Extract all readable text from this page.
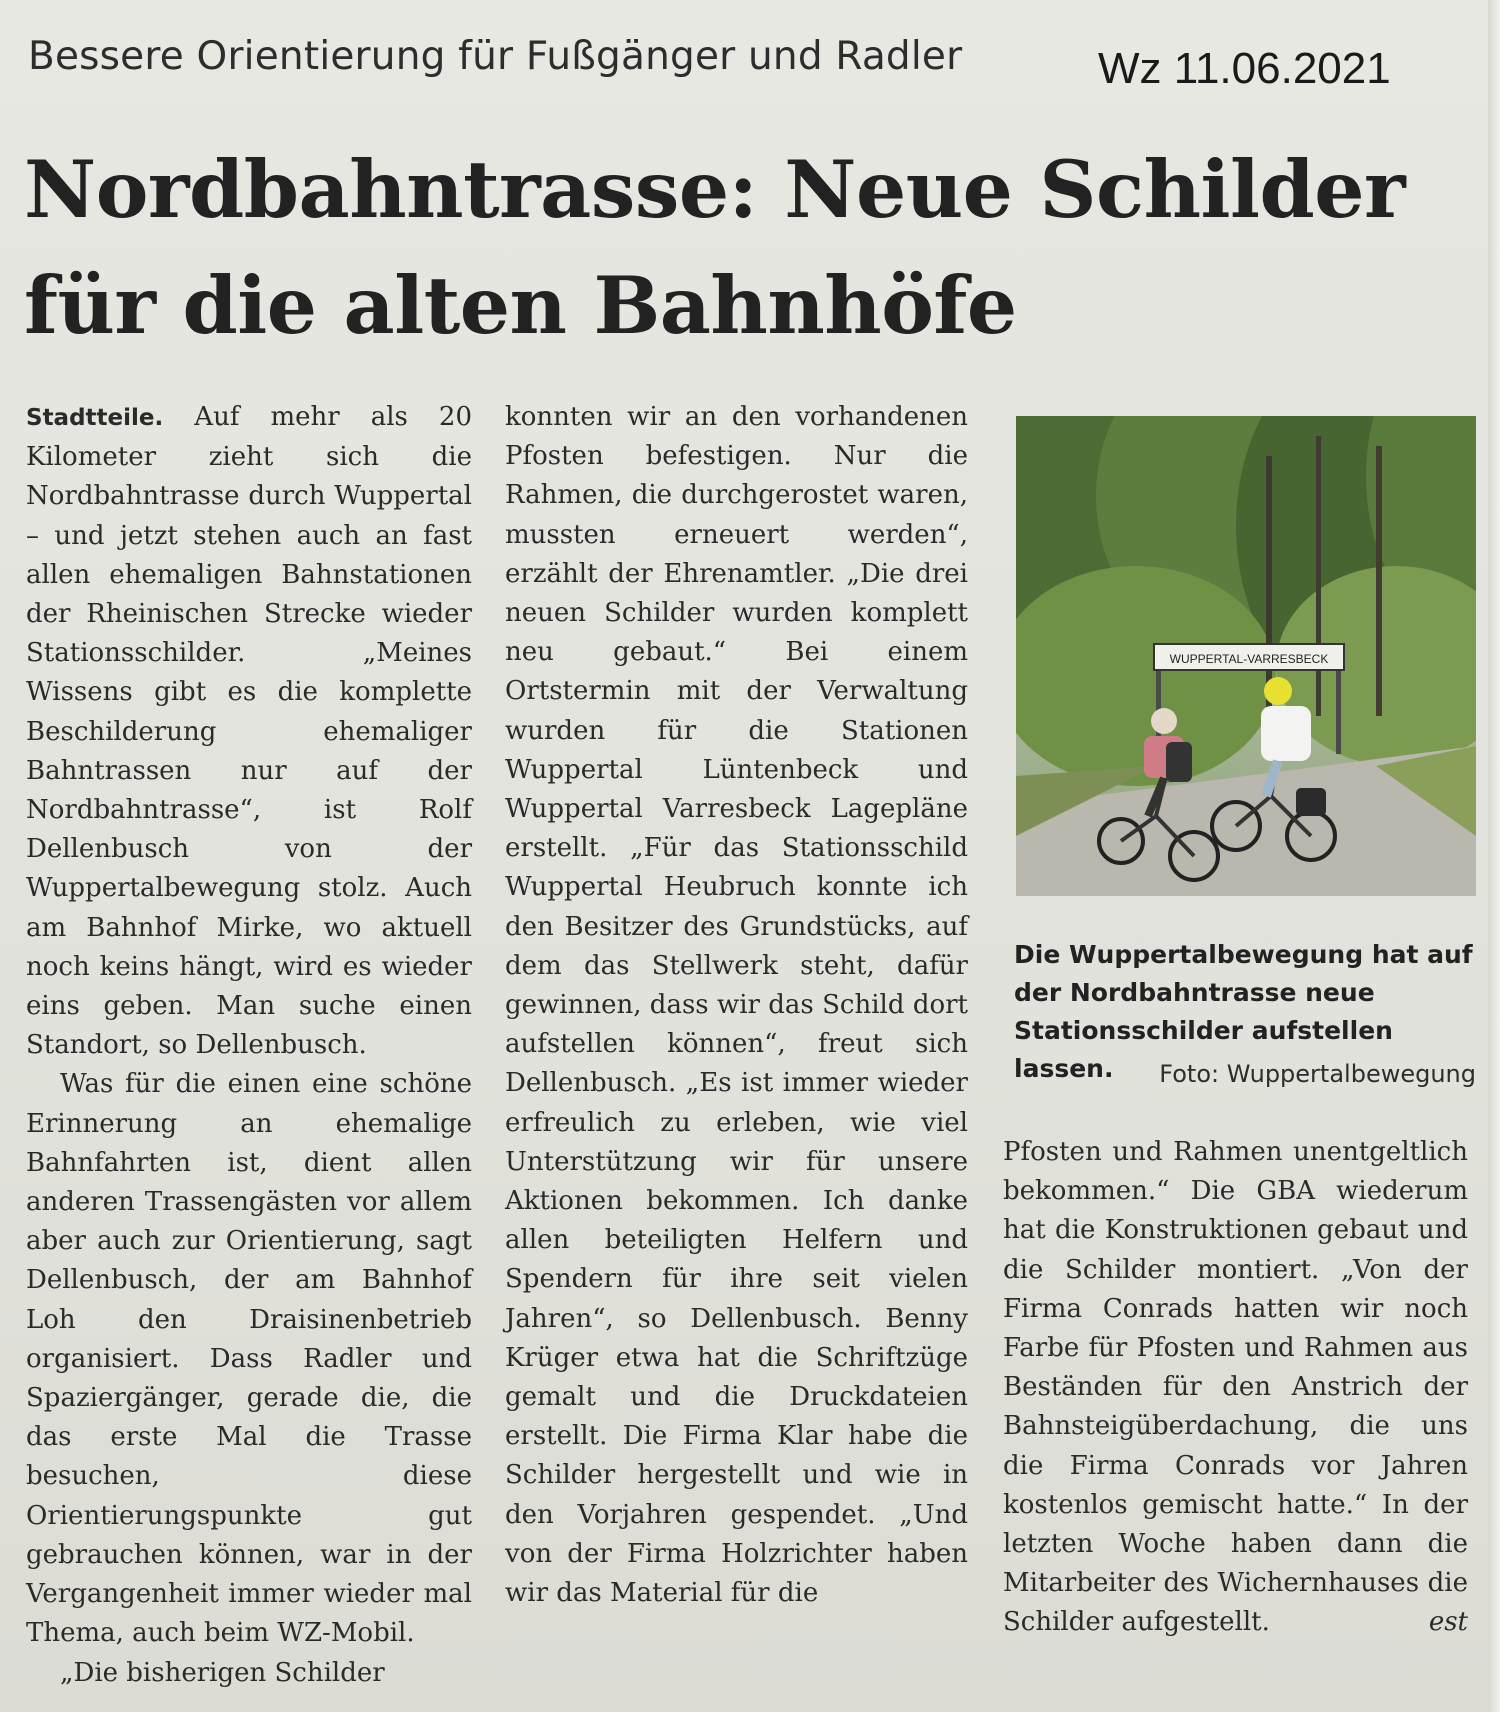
Bessere Orientierung für Fußgänger und Radler	Wz 11.06.2021
Nordbahntrasse: Neue Schilder
für die alten Bahnhöfe

Stadtteile. Auf mehr als 20 Kilometer zieht sich die Nordbahntrasse durch Wuppertal – und jetzt stehen auch an fast allen ehemaligen Bahnstationen der Rheinischen Strecke wieder Stationsschilder. „Meines Wissens gibt es die komplette Beschilderung ehemaliger Bahntrassen nur auf der Nordbahntrasse“, ist Rolf Dellenbusch von der Wuppertalbewegung stolz. Auch am Bahnhof Mirke, wo aktuell noch keins hängt, wird es wieder eins geben. Man suche einen Standort, so Dellenbusch.

Was für die einen eine schöne Erinnerung an ehemalige Bahnfahrten ist, dient allen anderen Trassengästen vor allem aber auch zur Orientierung, sagt Dellenbusch, der am Bahnhof Loh den Draisinenbetrieb organisiert. Dass Radler und Spaziergänger, gerade die, die das erste Mal die Trasse besuchen, diese Orientierungspunkte gut gebrauchen können, war in der Vergangenheit immer wieder mal Thema, auch beim WZ-Mobil.

„Die bisherigen Schilder

konnten wir an den vorhandenen Pfosten befestigen. Nur die Rahmen, die durchgerostet waren, mussten erneuert werden“, erzählt der Ehrenamtler. „Die drei neuen Schilder wurden komplett neu gebaut.“ Bei einem Ortstermin mit der Verwaltung wurden für die Stationen Wuppertal Lüntenbeck und Wuppertal Varresbeck Lagepläne erstellt. „Für das Stationsschild Wuppertal Heubruch konnte ich den Besitzer des Grundstücks, auf dem das Stellwerk steht, dafür gewinnen, dass wir das Schild dort aufstellen können“, freut sich Dellenbusch. „Es ist immer wieder erfreulich zu erleben, wie viel Unterstützung wir für unsere Aktionen bekommen. Ich danke allen beteiligten Helfern und Spendern für ihre seit vielen Jahren“, so Dellenbusch. Benny Krüger etwa hat die Schriftzüge gemalt und die Druckdateien erstellt. Die Firma Klar habe die Schilder hergestellt und wie in den Vorjahren gespendet. „Und von der Firma Holzrichter haben wir das Material für die

WUPPERTAL-VARRESBECK

Die Wuppertalbewegung hat auf der Nordbahntrasse neue Stationsschilder aufstellen lassen.	Foto: Wuppertalbewegung

Pfosten und Rahmen unentgeltlich bekommen.“ Die GBA wiederum hat die Konstruktionen gebaut und die Schilder montiert. „Von der Firma Conrads hatten wir noch Farbe für Pfosten und Rahmen aus Beständen für den Anstrich der Bahnsteigüberdachung, die uns die Firma Conrads vor Jahren kostenlos gemischt hatte.“ In der letzten Woche haben dann die Mitarbeiter des Wichernhauses die Schilder aufgestellt.	est
